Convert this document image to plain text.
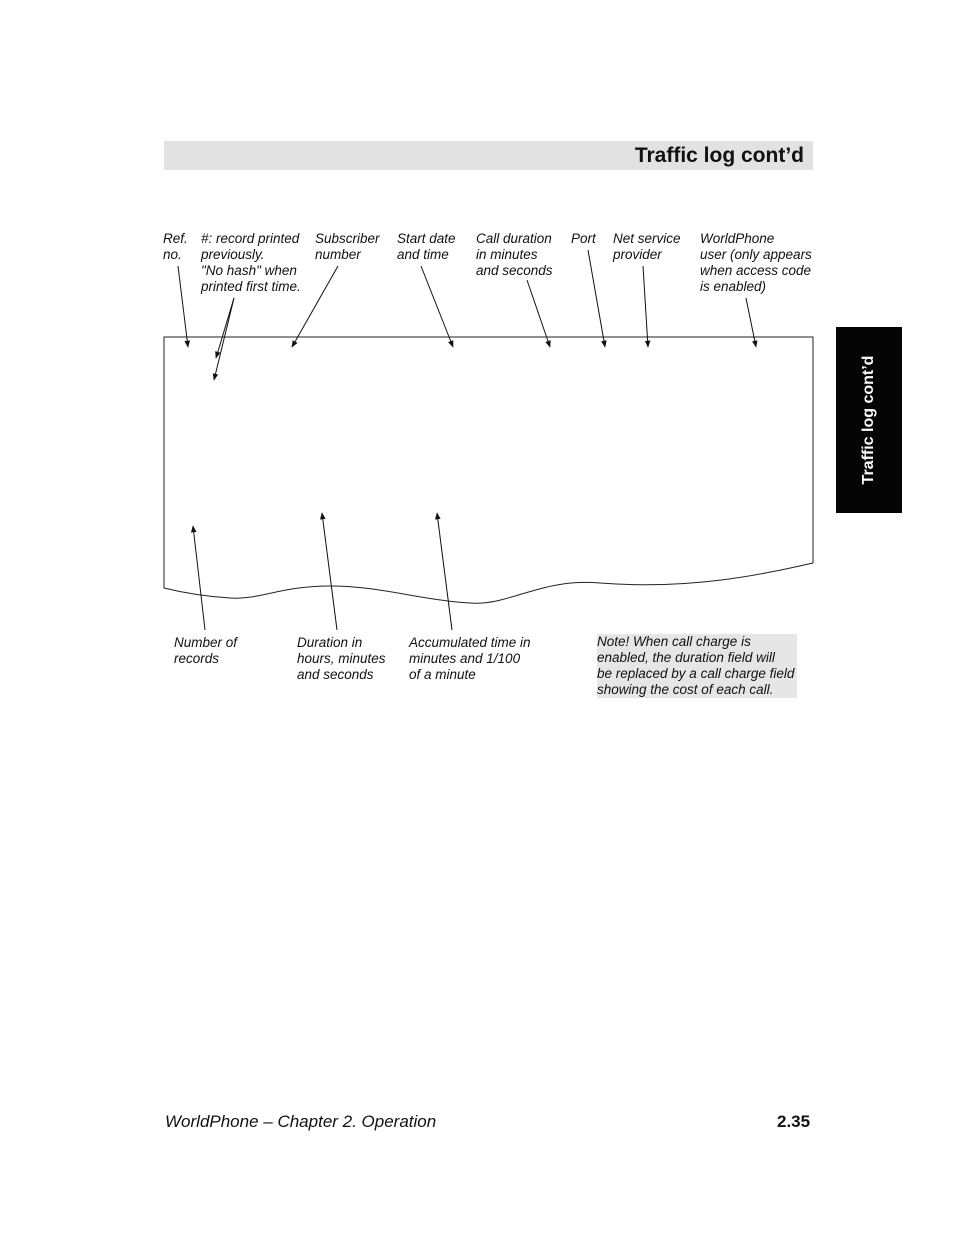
Traffic log cont’d
Traffic log cont’d
Ref.
no.
#: record printed
previously.
"No hash" when
printed first time.
Subscriber
number
Start date
and time
Call duration
in minutes
and seconds
Port Net service
provider
WorldPhone
user (only appears
when access code
is enabled)
Number of
records
Duration in
hours, minutes
and seconds
Accumulated time in
minutes and 1/100
of a minute
Note! When call charge is
enabled, the duration field will
be replaced by a call charge field
showing the cost of each call.
WorldPhone – Chapter 2. Operation	2.35
